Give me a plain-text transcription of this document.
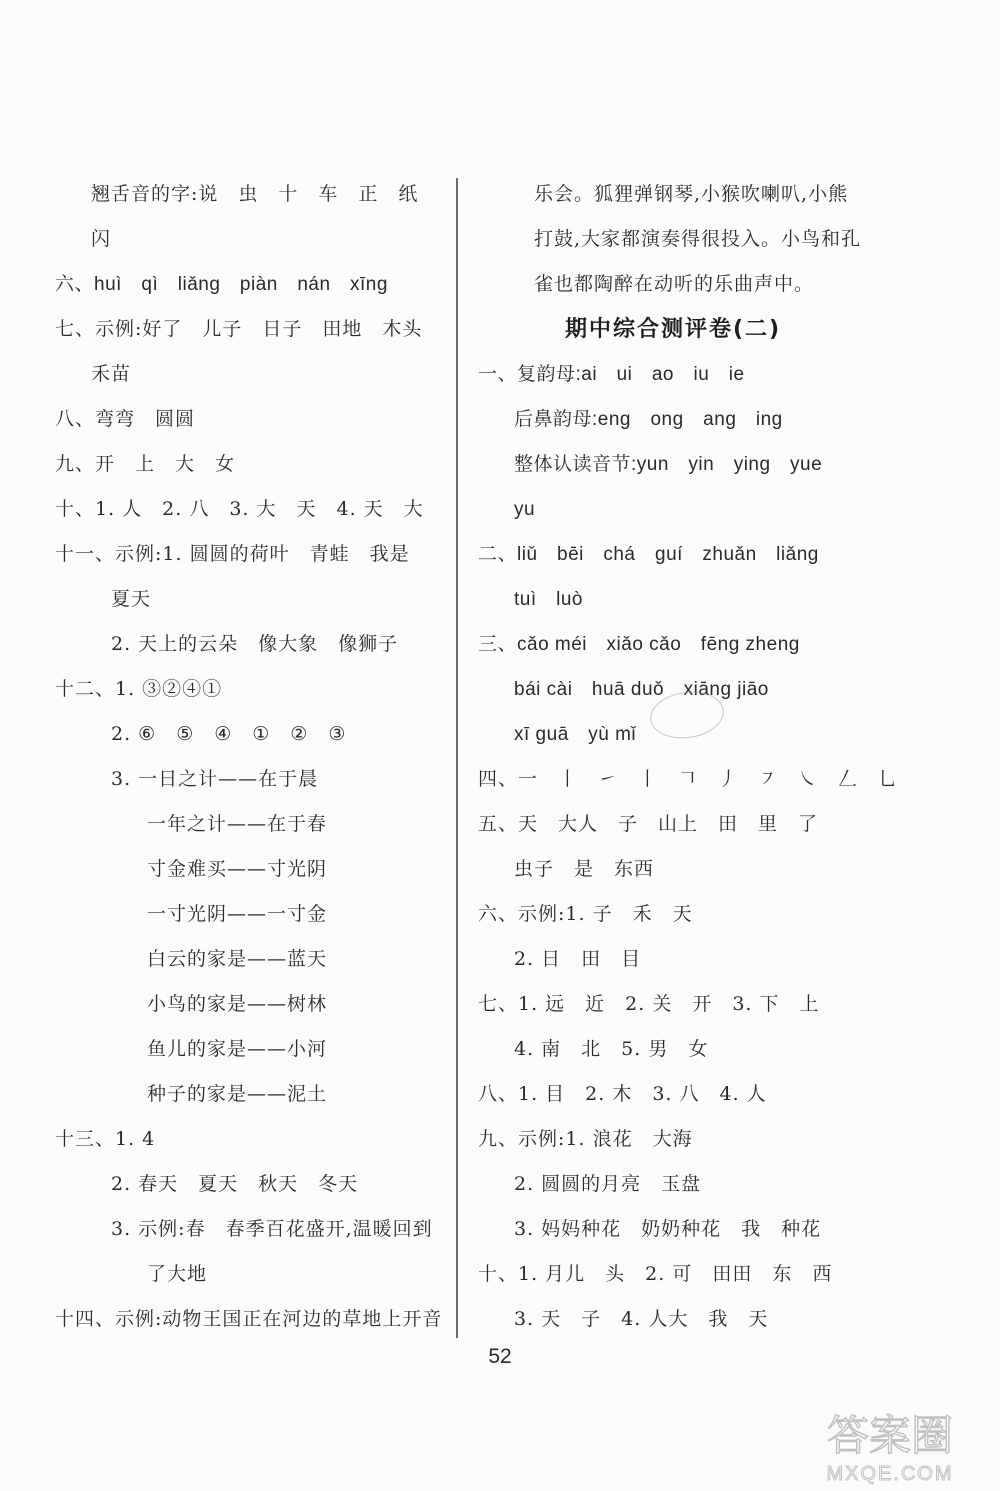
翘舌音的字:说　虫　十　车　正　纸
闪
六、huì　qì　liǎng　piàn　nán　xīng
七、示例:好了　儿子　日子　田地　木头
禾苗
八、弯弯　圆圆
九、开　上　大　女
十、1. 人　2. 八　3. 大　天　4. 天　大
十一、示例:1. 圆圆的荷叶　青蛙　我是
夏天
2. 天上的云朵　像大象　像狮子
十二、1. ③②④①
2. ⑥　⑤　④　①　②　③
3. 一日之计——在于晨
一年之计——在于春
寸金难买——寸光阴
一寸光阴——一寸金
白云的家是——蓝天
小鸟的家是——树林
鱼儿的家是——小河
种子的家是——泥土
十三、1. 4
2. 春天　夏天　秋天　冬天
3. 示例:春　春季百花盛开,温暖回到
了大地
十四、示例:动物王国正在河边的草地上开音
乐会。狐狸弹钢琴,小猴吹喇叭,小熊
打鼓,大家都演奏得很投入。小鸟和孔
雀也都陶醉在动听的乐曲声中。
期中综合测评卷(二)
一、复韵母:ai　ui　ao　iu　ie
后鼻韵母:eng　ong　ang　ing
整体认读音节:yun　yin　ying　yue
yu
二、liǔ　bēi　chá　guí　zhuǎn　liǎng
tuì　luò
三、cǎo méi　xiǎo cǎo　fēng zheng
bái cài　huā duǒ　xiāng jiāo
xī guā　yù mǐ
四、一　丨　㇀　丨　𠃍　丿　㇇　㇏　𠃋　乚
五、天　大人　子　山上　田　里　了
虫子　是　东西
六、示例:1. 子　禾　天
2. 日　田　目
七、1. 远　近　2. 关　开　3. 下　上
4. 南　北　5. 男　女
八、1. 目　2. 木　3. 八　4. 人
九、示例:1. 浪花　大海
2. 圆圆的月亮　玉盘
3. 妈妈种花　奶奶种花　我　种花
十、1. 月儿　头　2. 可　田田　东　西
3. 天　子　4. 人大　我　天
52
答案圈
MXQE.COM
